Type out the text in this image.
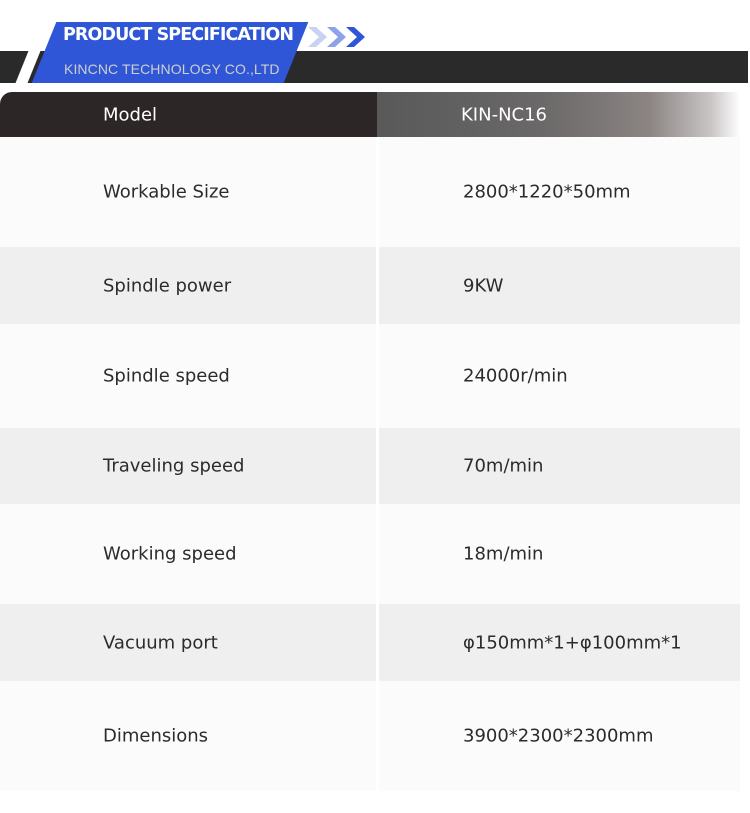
PRODUCT SPECIFICATION
KINCNC TECHNOLOGY CO.,LTD
Model	KIN-NC16
Workable Size	2800*1220*50mm
Spindle power	9KW
Spindle speed	24000r/min
Traveling speed	70m/min
Working speed	18m/min
Vacuum port	φ150mm*1+φ100mm*1
Dimensions	3900*2300*2300mm
